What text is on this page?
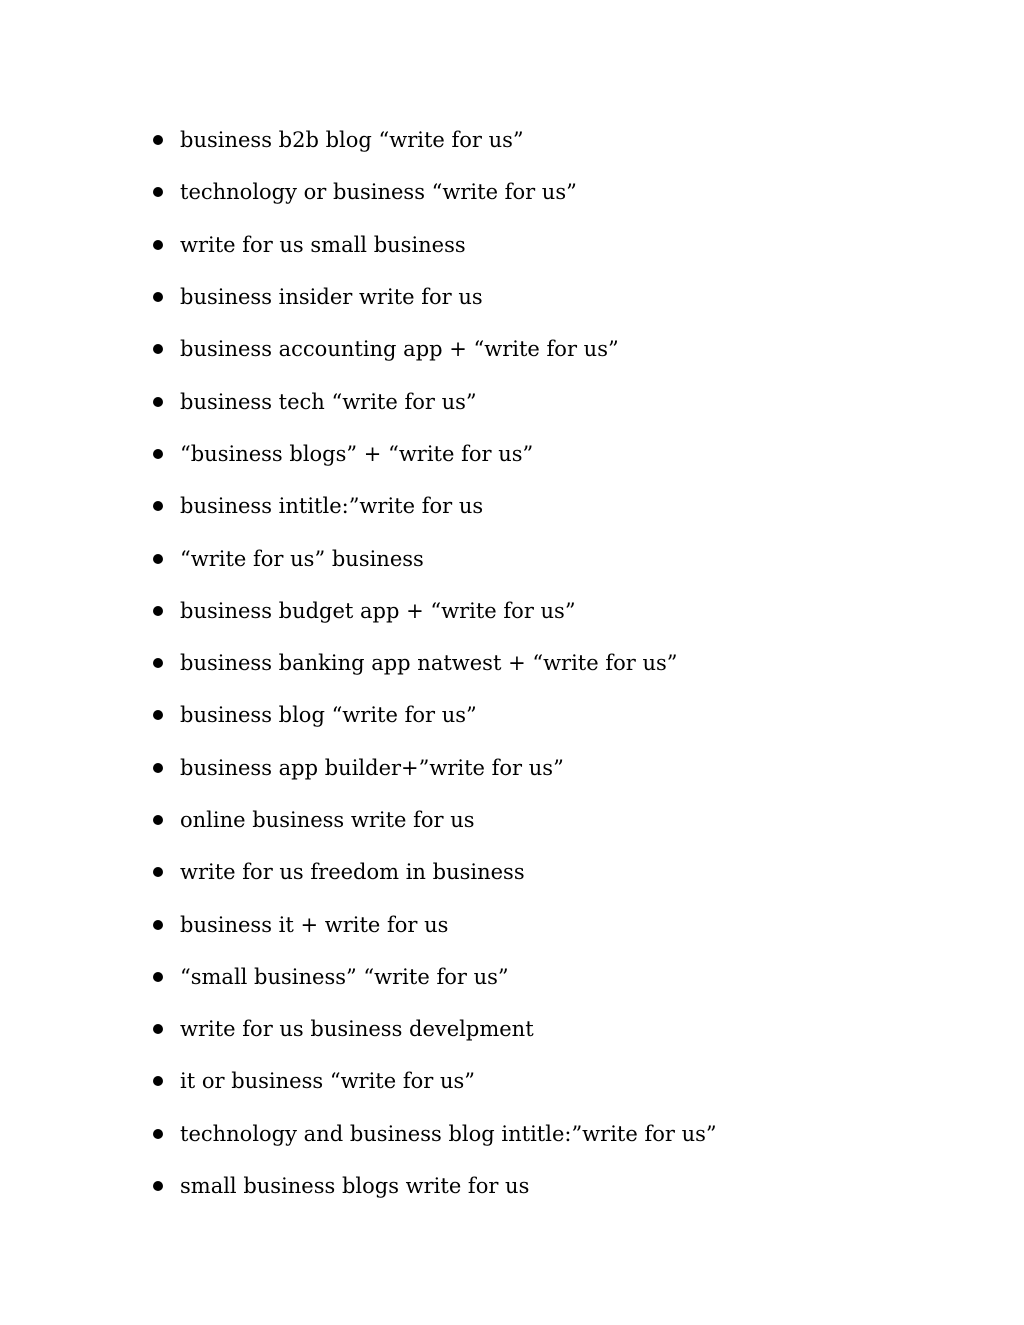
business b2b blog “write for us”
technology or business “write for us”
write for us small business
business insider write for us
business accounting app + “write for us”
business tech “write for us”
“business blogs” + “write for us”
business intitle:”write for us
“write for us” business
business budget app + “write for us”
business banking app natwest + “write for us”
business blog “write for us”
business app builder+”write for us”
online business write for us
write for us freedom in business
business it + write for us
“small business” “write for us”
write for us business develpment
it or business “write for us”
technology and business blog intitle:”write for us”
small business blogs write for us
